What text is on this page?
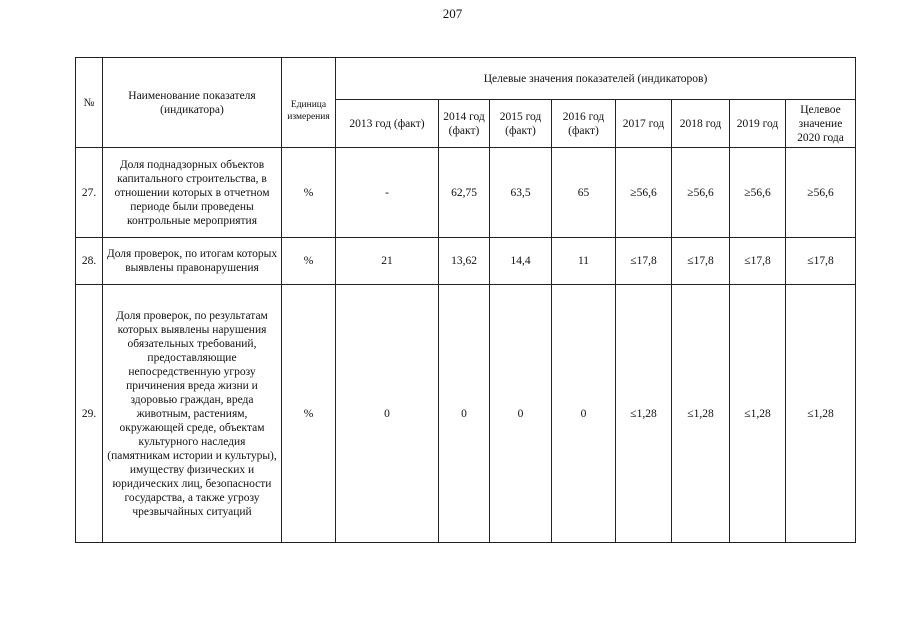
207
№	Наименование показателя (индикатора)	Единица измерения	Целевые значения показателей (индикаторов)							
			2013 год (факт)	2014 год (факт)	2015 год (факт)	2016 год (факт)	2017 год	2018 год	2019 год	Целевое значение 2020 года
27.	Доля поднадзорных объектов капитального строительства, в отношении которых в отчетном периоде были проведены контрольные мероприятия	%	-	62,75	63,5	65	≥56,6	≥56,6	≥56,6	≥56,6
28.	Доля проверок, по итогам которых выявлены правонарушения	%	21	13,62	14,4	11	≤17,8	≤17,8	≤17,8	≤17,8
29.	Доля проверок, по результатам которых выявлены нарушения обязательных требований, предоставляющие непосредственную угрозу причинения вреда жизни и здоровью граждан, вреда животным, растениям, окружающей среде, объектам культурного наследия (памятникам истории и культуры), имуществу физических и юридических лиц, безопасности государства, а также угрозу чрезвычайных ситуаций	%	0	0	0	0	≤1,28	≤1,28	≤1,28	≤1,28
